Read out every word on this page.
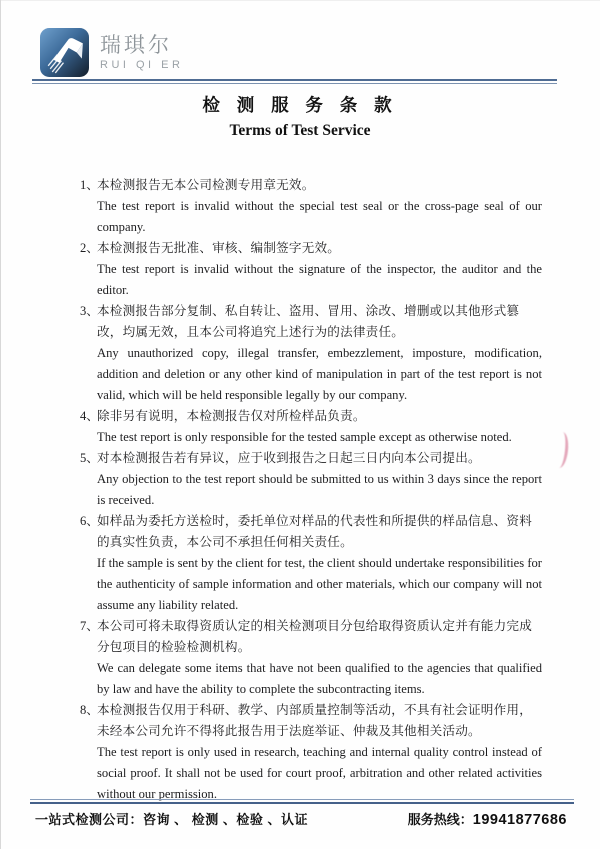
瑞琪尔
RUI QI ER
检 测 服 务 条 款
Terms of Test Service
1、

本检测报告无本公司检测专用章无效。

The test report is invalid without the special test seal or the cross-page seal of our company.

2、

本检测报告无批准、审核、编制签字无效。

The test report is invalid without the signature of the inspector, the auditor and the editor.

3、

本检测报告部分复制、私自转让、盗用、冒用、涂改、增删或以其他形式篡改，均属无效，且本公司将追究上述行为的法律责任。

Any unauthorized copy, illegal transfer, embezzlement, imposture, modification, addition and deletion or any other kind of manipulation in part of the test report is not valid, which will be held responsible legally by our company.

4、

除非另有说明，本检测报告仅对所检样品负责。

The test report is only responsible for the tested sample except as otherwise noted.

5、

对本检测报告若有异议，应于收到报告之日起三日内向本公司提出。

Any objection to the test report should be submitted to us within 3 days since the report is received.

6、

如样品为委托方送检时，委托单位对样品的代表性和所提供的样品信息、资料的真实性负责，本公司不承担任何相关责任。

If the sample is sent by the client for test, the client should undertake responsibilities for the authenticity of sample information and other materials, which our company will not assume any liability related.

7、

本公司可将未取得资质认定的相关检测项目分包给取得资质认定并有能力完成分包项目的检验检测机构。

We can delegate some items that have not been qualified to the agencies that qualified by law and have the ability to complete the subcontracting items.

8、

本检测报告仅用于科研、教学、内部质量控制等活动，不具有社会证明作用，未经本公司允许不得将此报告用于法庭举证、仲裁及其他相关活动。

The test report is only used in research, teaching and internal quality control instead of social proof. It shall not be used for court proof, arbitration and other related activities without our permission.

一站式检测公司：咨询 、 检测 、检验 、认证	服务热线：19941877686
